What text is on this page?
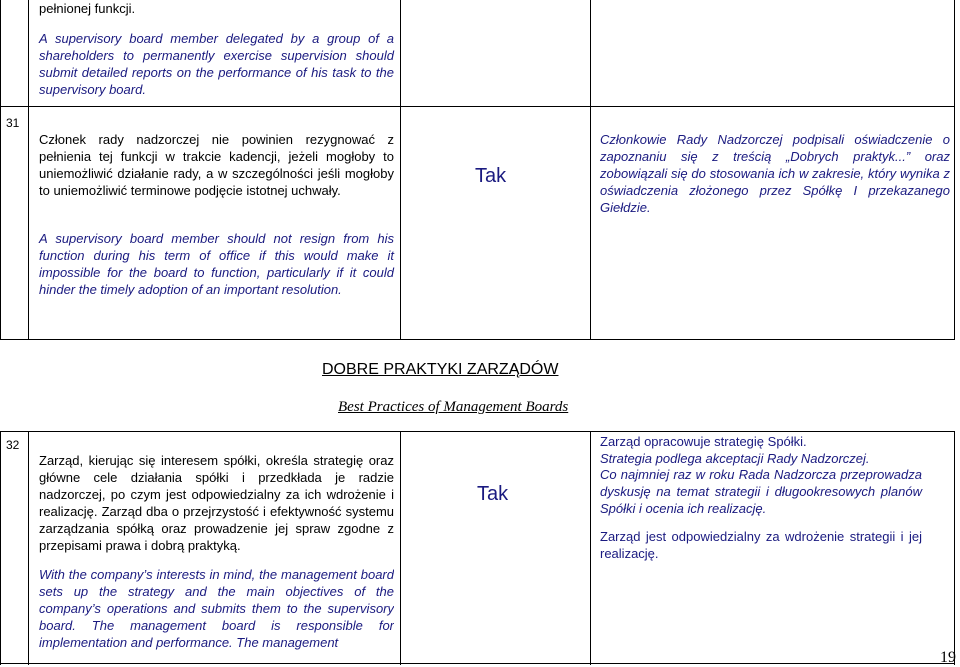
pełnionej funkcji.
A supervisory board member delegated by a group of a shareholders to permanently exercise supervision should submit detailed reports on the performance of his task to the supervisory board.
31
Członek rady nadzorczej nie powinien rezygnować z pełnienia tej funkcji w trakcie kadencji, jeżeli mogłoby to uniemożliwić działanie rady, a w szczególności jeśli mogłoby to uniemożliwić terminowe podjęcie istotnej uchwały.
A supervisory board member should not resign from his function during his term of office if this would make it impossible for the board to function, particularly if it could hinder the timely adoption of an important resolution.
Tak
Członkowie Rady Nadzorczej podpisali oświadczenie o zapoznaniu się z treścią „Dobrych praktyk...” oraz zobowiązali się do stosowania ich w zakresie, który wynika z oświadczenia złożonego przez Spółkę I przekazanego Giełdzie.
DOBRE PRAKTYKI ZARZĄDÓW
Best Practices of Management Boards
32
Zarząd, kierując się interesem spółki, określa strategię oraz główne cele działania spółki i przedkłada je radzie nadzorczej, po czym jest odpowiedzialny za ich wdrożenie i realizację. Zarząd dba o przejrzystość i efektywność systemu zarządzania spółką oraz prowadzenie jej spraw zgodne z przepisami prawa i dobrą praktyką.
With the company’s interests in mind, the management board sets up the strategy and the main objectives of the company’s operations and submits them to the supervisory board. The management board is responsible for implementation and performance. The management
Tak
Zarząd opracowuje strategię Spółki.
Strategia podlega akceptacji Rady Nadzorczej.
Co najmniej raz w roku Rada Nadzorcza przeprowadza dyskusję na temat strategii i długookresowych planów Spółki i ocenia ich realizację.
Zarząd jest odpowiedzialny za wdrożenie strategii i jej realizację.
19
